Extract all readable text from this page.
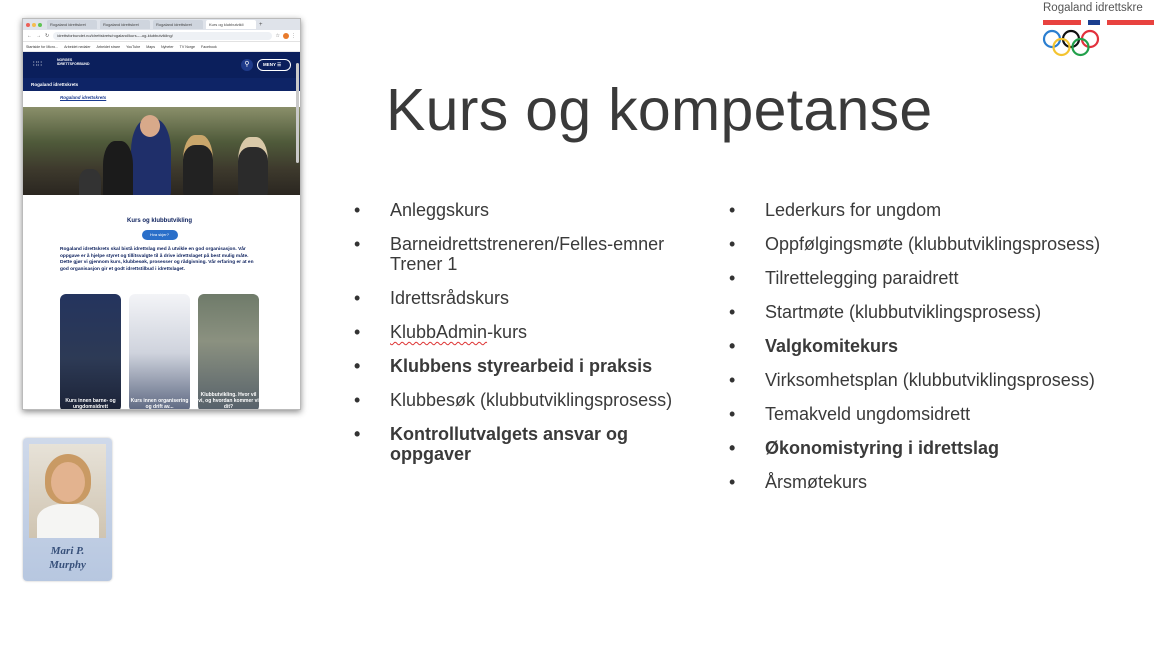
Rogaland idrettskre
Kurs og kompetanse
• Anleggskurs
• Barneidrettstreneren/Felles-emner Trener 1
• Idrettsrådskurs
• KlubbAdmin-kurs
• Klubbens styrearbeid i praksis
• Klubbesøk (klubbutviklingsprosess)
• Kontrollutvalgets ansvar og oppgaver
• Lederkurs for ungdom
• Oppfølgingsmøte (klubbutviklingsprosess)
• Tilrettelegging paraidrett
• Startmøte (klubbutviklingsprosess)
• Valgkomitekurs
• Virksomhetsplan (klubbutviklingsprosess)
• Temakveld ungdomsidrett
• Økonomistyring i idrettslag
• Årsmøtekurs
Rogaland idrettskret	Rogaland idrettskret	Rogaland idrettskret	Kurs og klubbutvikli	+
← → ↻	idrettsforbundet.no/idrettskrets/rogaland/kurs----og-klubbutvikling/	☆ ⋮
Startside for Micro... Arbeidet nedaler Arbeidet strare YouTube Maps Nyheter TV Norge Facebook
∷∷
NORGES IDRETTSFORBUND	⚲	MENY ☰
Rogaland idrettskrets
Rogaland idrettskrets
Kurs og klubbutvikling
Hva skjer?
Rogaland idrettskrets skal bistå idrettslag med å utvikle en god organisasjon. Vår oppgave er å hjelpe styret og tillitsvalgte til å drive idrettslaget på best mulig måte. Dette gjør vi gjennom kurs, klubbesøk, prosesser og rådgivning. Vår erfaring er at en god organisasjon gir et godt idrettstilbud i idrettslaget.
Kurs innen barne- og ungdomsidrett
Kurs innen organisering og drift av...
Klubbutvikling. Hvor vil vi, og hvordan kommer vi dit?
Mari P.
Murphy
